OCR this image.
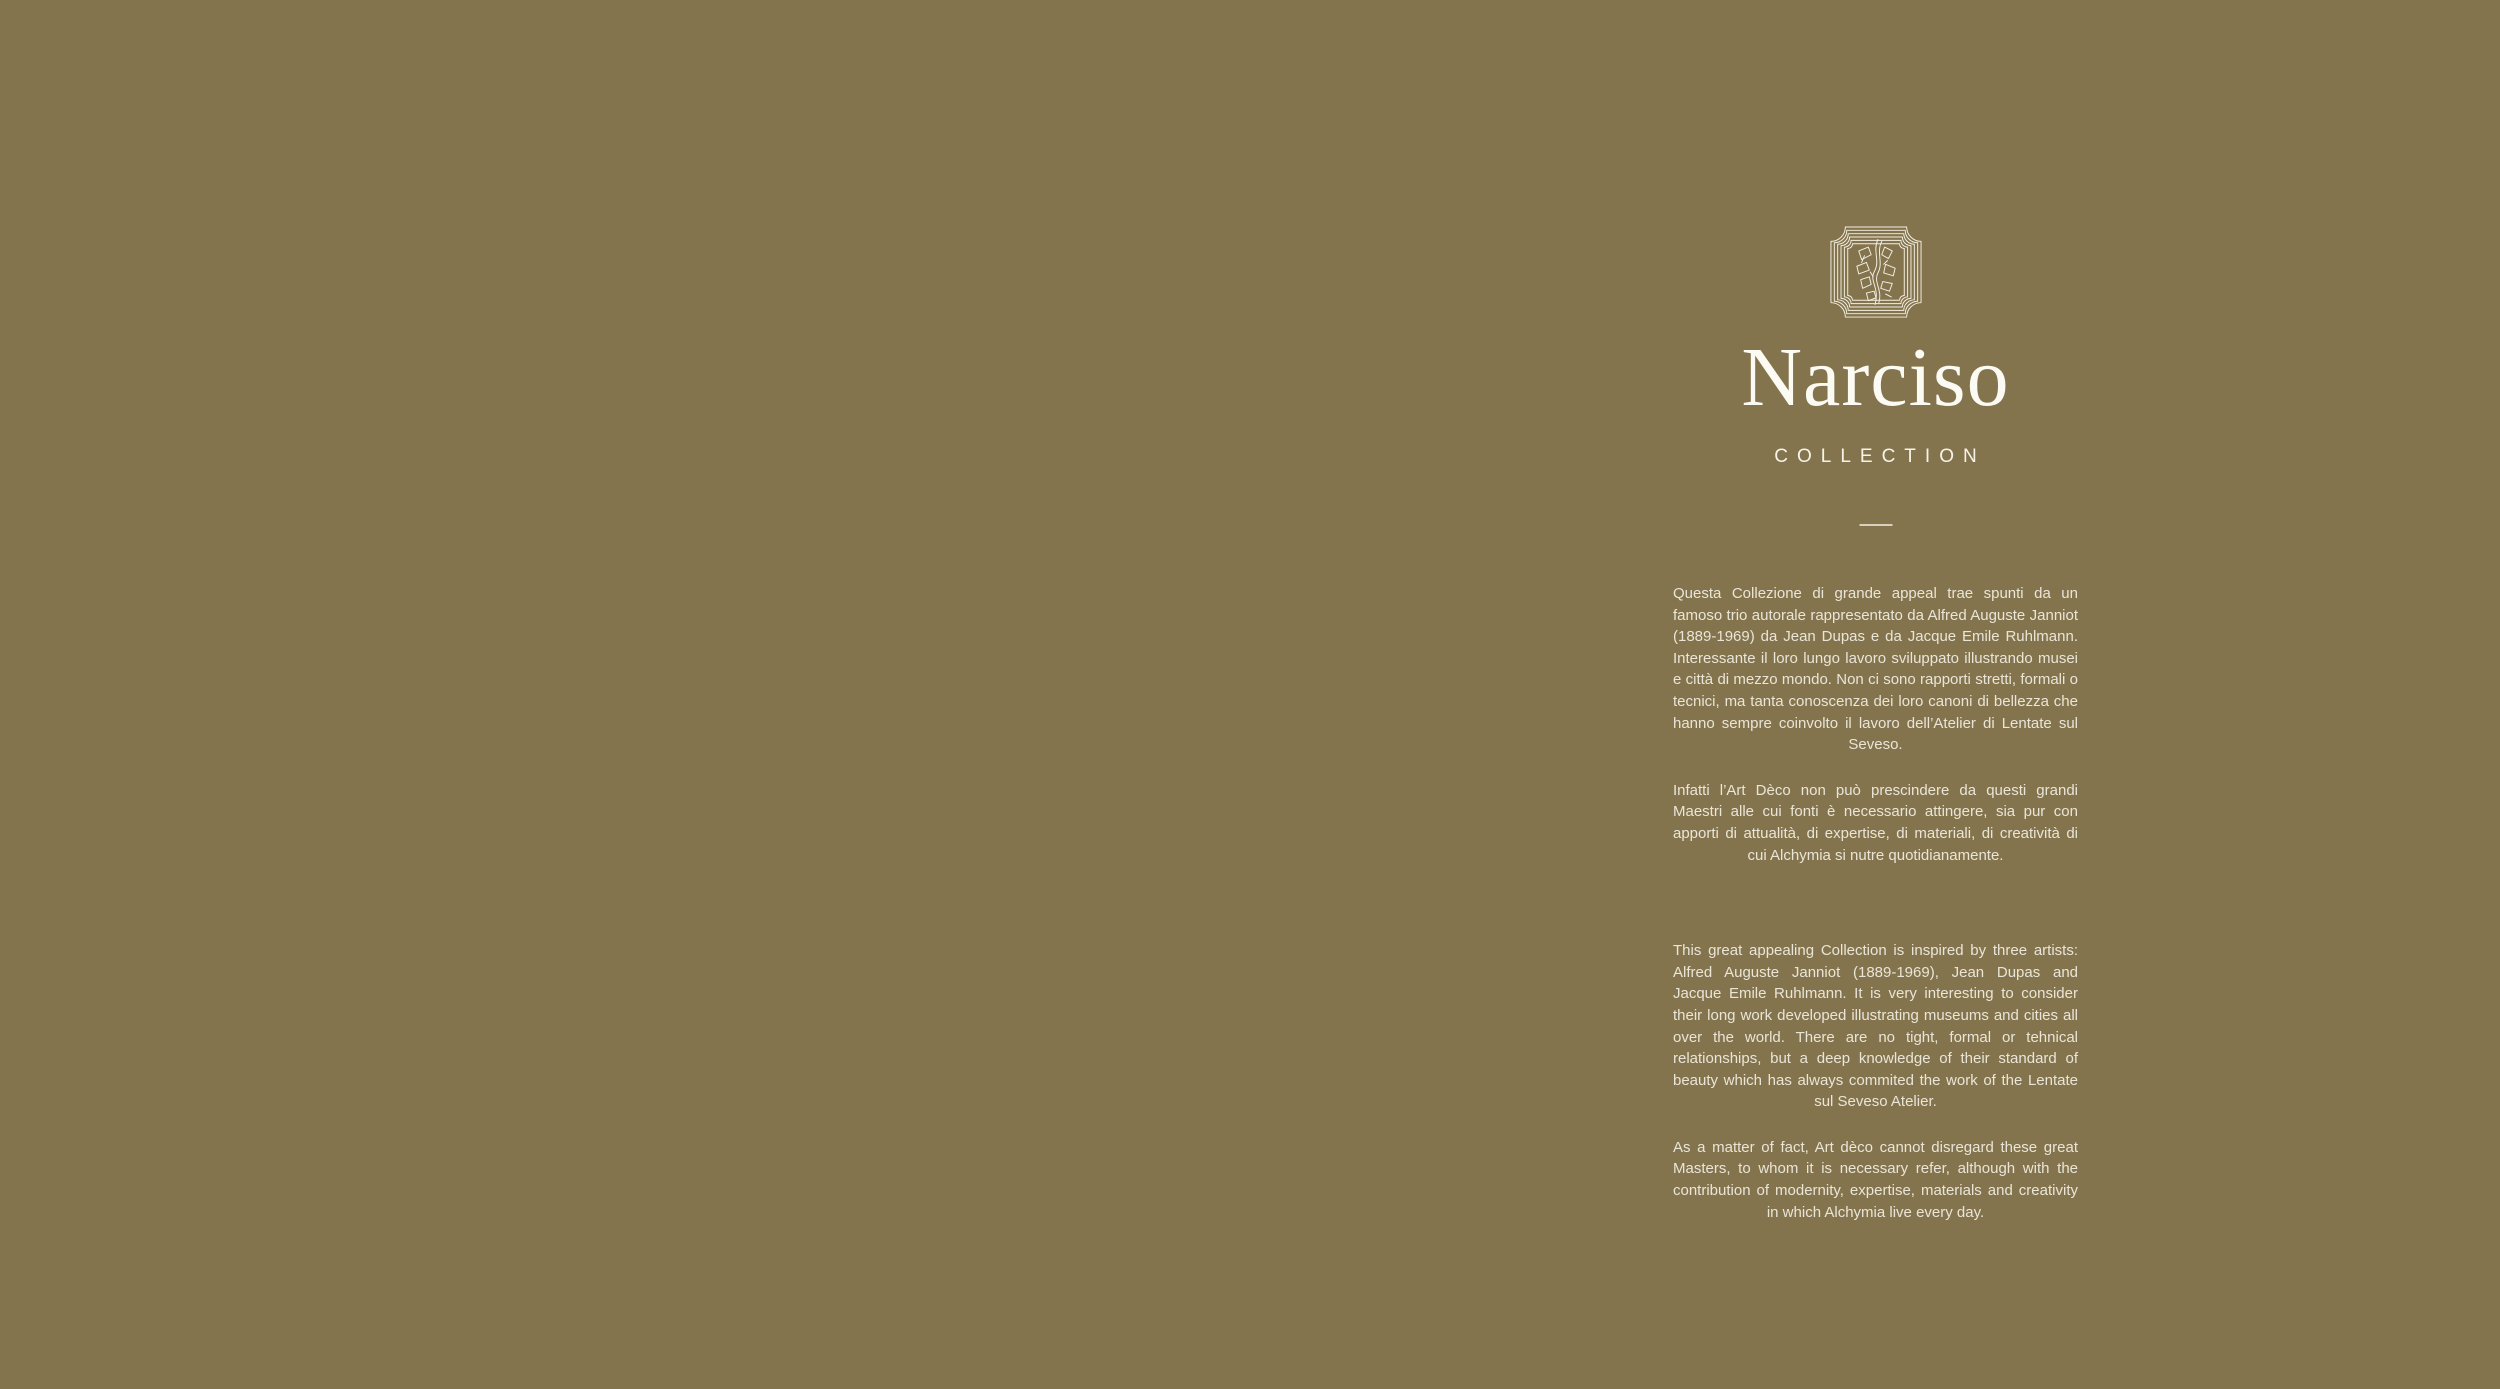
Narciso
COLLECTION

Questa Collezione di grande appeal trae spunti da un famoso trio autorale rappresentato da Alfred Auguste Janniot (1889-1969) da Jean Dupas e da Jacque Emile Ruhlmann. Interessante il loro lungo lavoro sviluppato illustrando musei e città di mezzo mondo. Non ci sono rapporti stretti, formali o tecnici, ma tanta conoscenza dei loro canoni di bellezza che hanno sempre coinvolto il lavoro dell’Atelier di Lentate sul Seveso.

Infatti l’Art Dèco non può prescindere da questi grandi Maestri alle cui fonti è necessario attingere, sia pur con apporti di attualità, di expertise, di materiali, di creatività di cui Alchymia si nutre quotidianamente.

This great appealing Collection is inspired by three artists: Alfred Auguste Janniot (1889-1969), Jean Dupas and Jacque Emile Ruhlmann. It is very interesting to consider their long work developed illustrating museums and cities all over the world. There are no tight, formal or tehnical relationships, but a deep knowledge of their standard of beauty which has always commited the work of the Lentate sul Seveso Atelier.

As a matter of fact, Art dèco cannot disregard these great Masters, to whom it is necessary refer, although with the contribution of modernity, expertise, materials and creativity in which Alchymia live every day.
